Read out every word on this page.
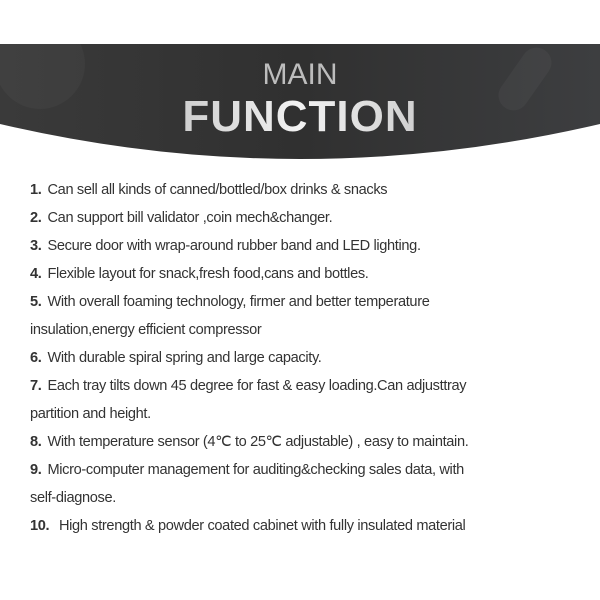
MAIN
FUNCTION
1. Can sell all kinds of canned/bottled/box drinks & snacks
2. Can support bill validator ,coin mech&changer.
3. Secure door with wrap-around rubber band and LED lighting.
4. Flexible layout for snack,fresh food,cans and bottles.
5. With overall foaming technology, firmer and better temperature
insulation,energy efficient compressor
6. With durable spiral spring and large capacity.
7. Each tray tilts down 45 degree for fast & easy loading.Can adjusttray
partition and height.
8. With temperature sensor (4℃ to 25℃ adjustable) , easy to maintain.
9. Micro-computer management for auditing&checking sales data, with
self-diagnose.
10. High strength & powder coated cabinet with fully insulated material
